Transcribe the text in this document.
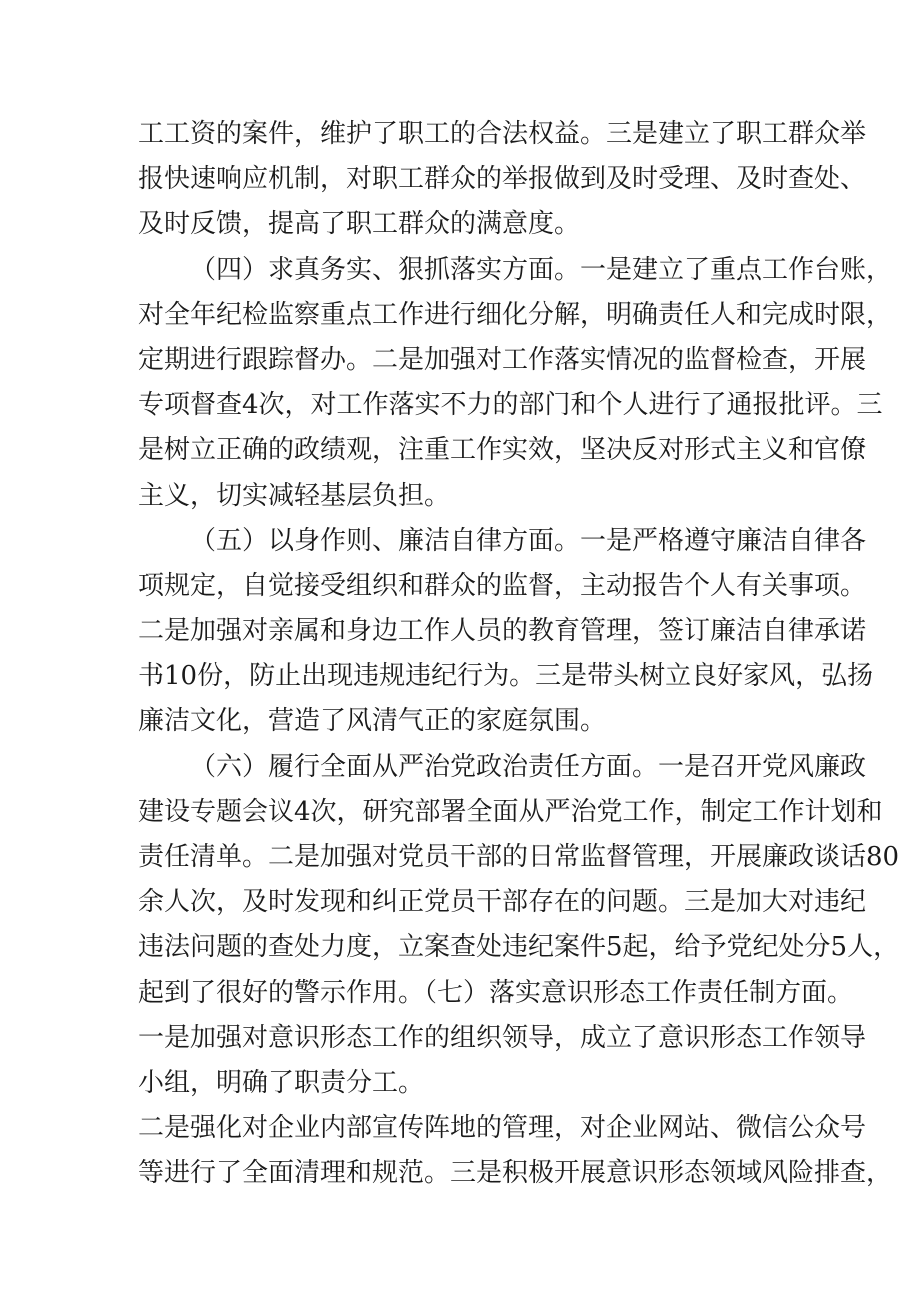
工工资的案件，维护了职工的合法权益。三是建立了职工群众举
报快速响应机制，对职工群众的举报做到及时受理、及时查处、
及时反馈，提高了职工群众的满意度。
（四）求真务实、狠抓落实方面。一是建立了重点工作台账，
对全年纪检监察重点工作进行细化分解，明确责任人和完成时限，
定期进行跟踪督办。二是加强对工作落实情况的监督检查，开展
专项督查4次，对工作落实不力的部门和个人进行了通报批评。三
是树立正确的政绩观，注重工作实效，坚决反对形式主义和官僚
主义，切实减轻基层负担。
（五）以身作则、廉洁自律方面。一是严格遵守廉洁自律各
项规定，自觉接受组织和群众的监督，主动报告个人有关事项。
二是加强对亲属和身边工作人员的教育管理，签订廉洁自律承诺
书10份，防止出现违规违纪行为。三是带头树立良好家风，弘扬
廉洁文化，营造了风清气正的家庭氛围。
（六）履行全面从严治党政治责任方面。一是召开党风廉政
建设专题会议4次，研究部署全面从严治党工作，制定工作计划和
责任清单。二是加强对党员干部的日常监督管理，开展廉政谈话80
余人次，及时发现和纠正党员干部存在的问题。三是加大对违纪
违法问题的查处力度，立案查处违纪案件5起，给予党纪处分5人，
起到了很好的警示作用。（七）落实意识形态工作责任制方面。
一是加强对意识形态工作的组织领导，成立了意识形态工作领导
小组，明确了职责分工。
二是强化对企业内部宣传阵地的管理，对企业网站、微信公众号
等进行了全面清理和规范。三是积极开展意识形态领域风险排查，
